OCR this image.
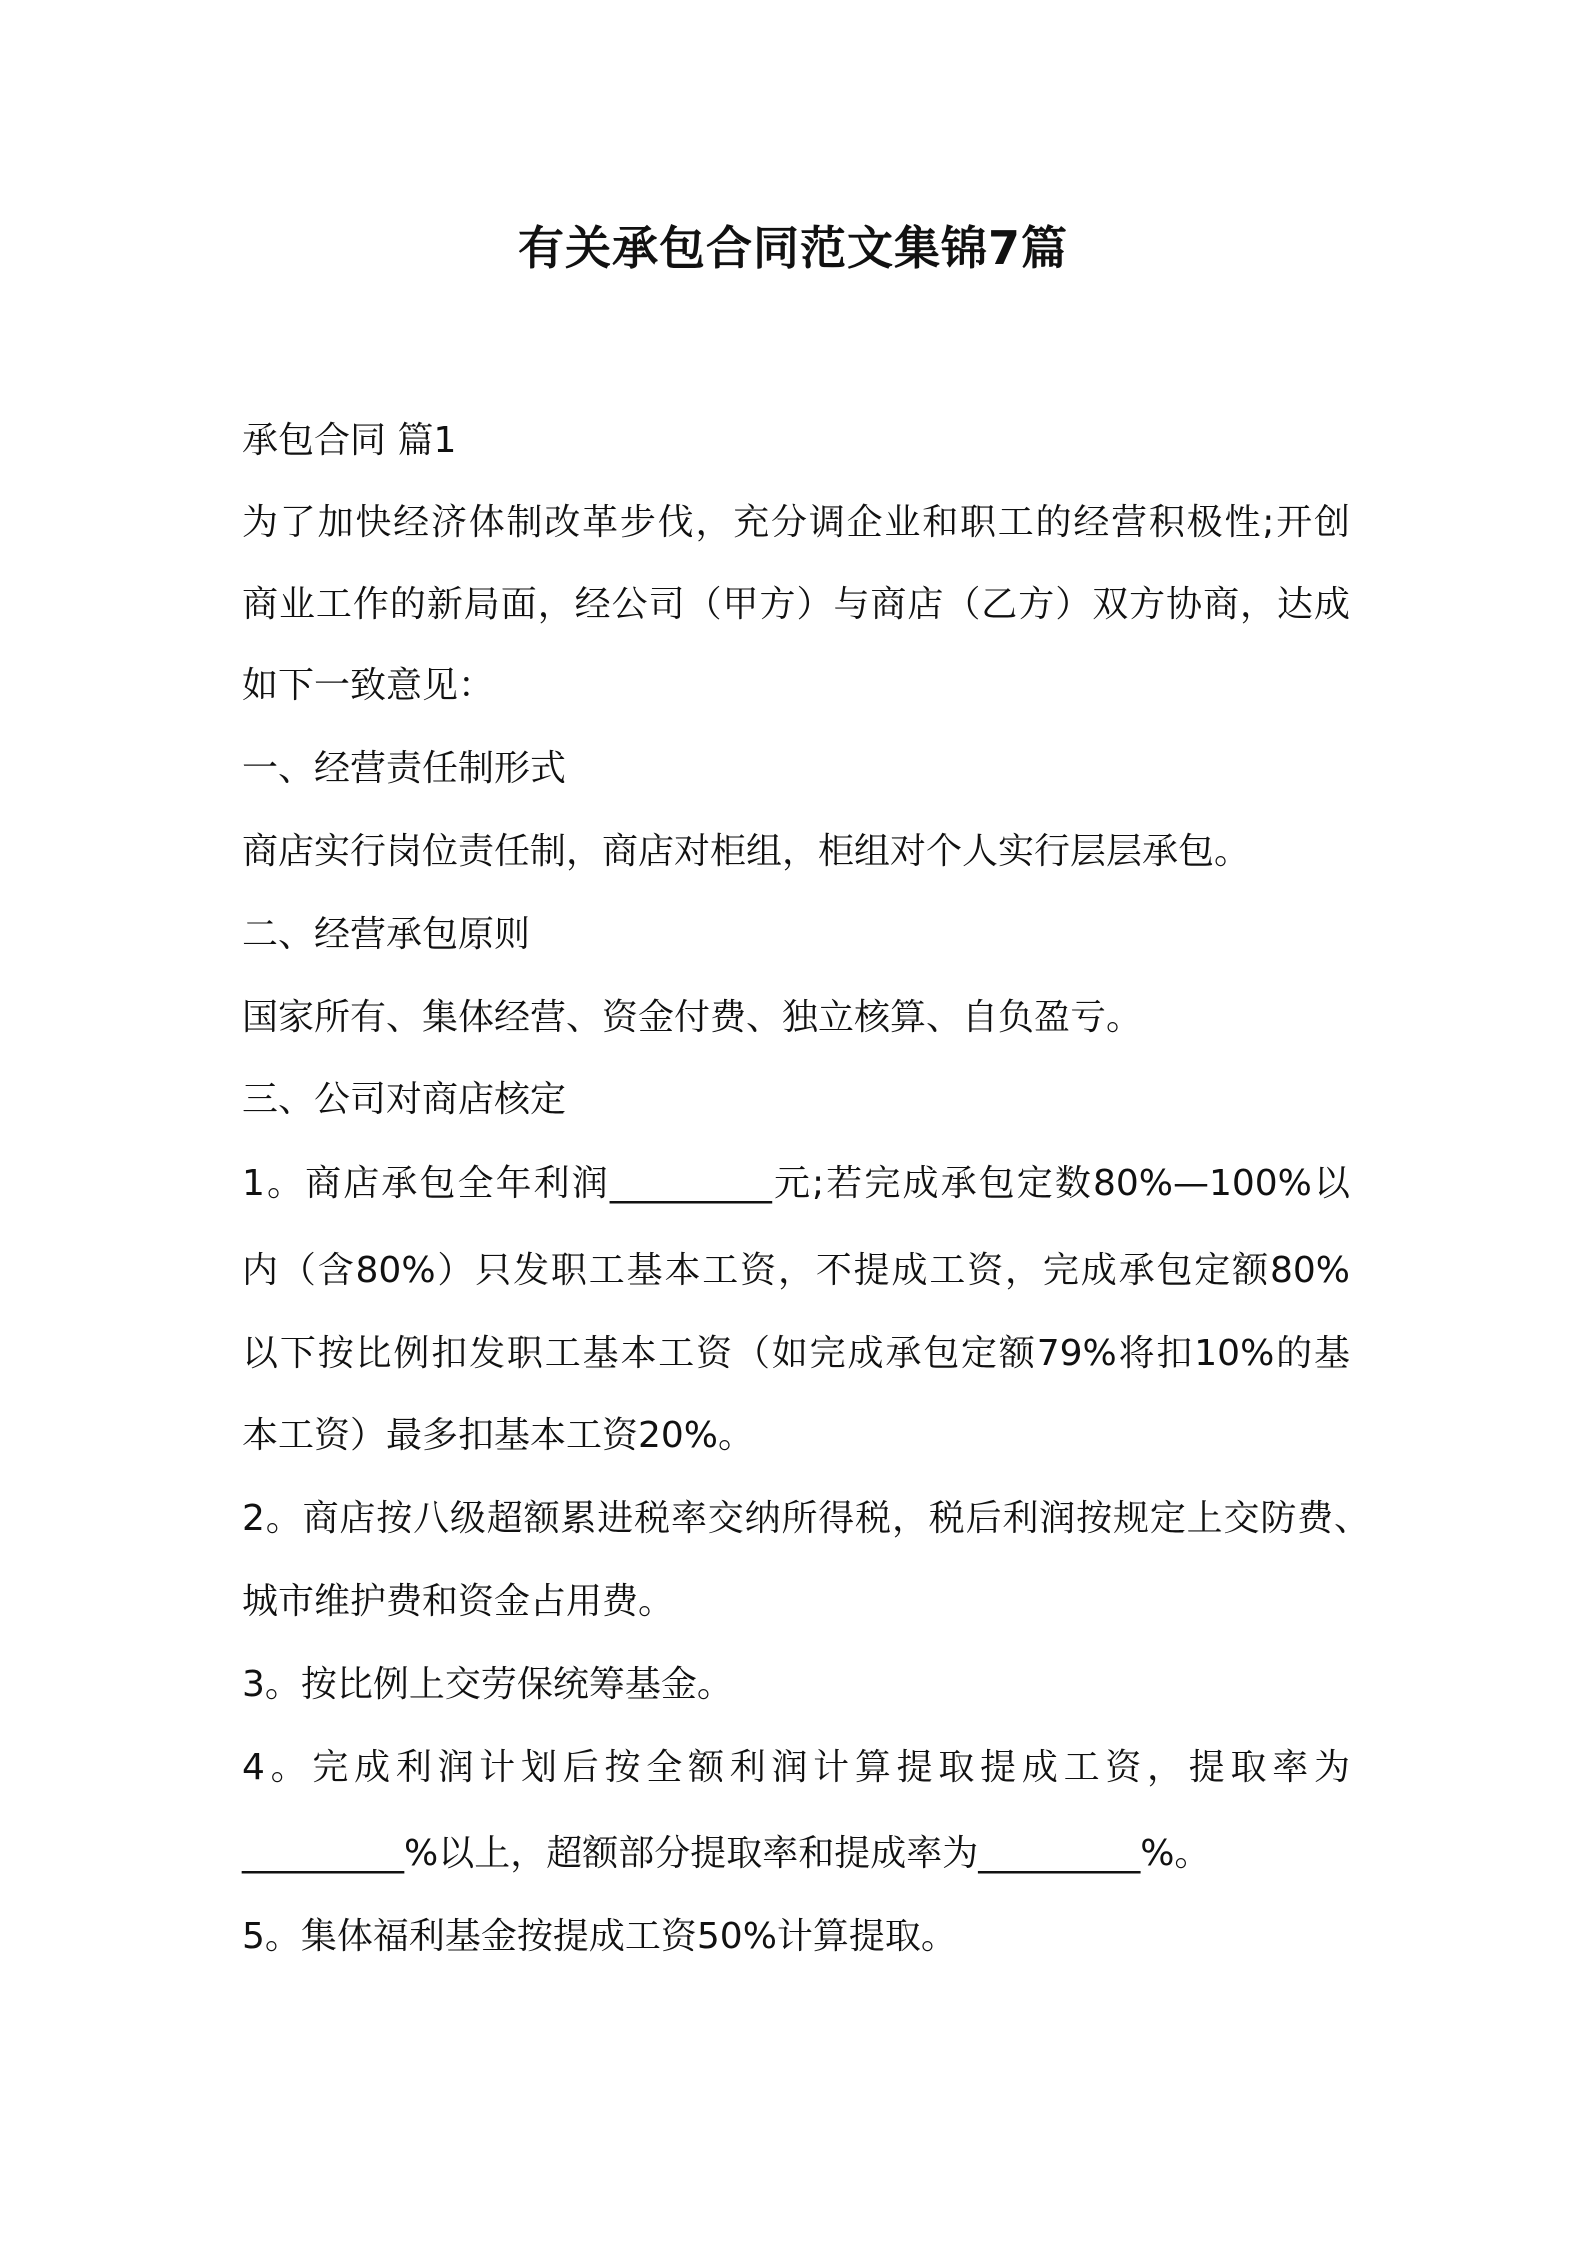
有关承包合同范文集锦7篇
承包合同 篇1
为了加快经济体制改革步伐，充分调企业和职工的经营积极性;开创
商业工作的新局面，经公司（甲方）与商店（乙方）双方协商，达成
如下一致意见：
一、经营责任制形式
商店实行岗位责任制，商店对柜组，柜组对个人实行层层承包。
二、经营承包原则
国家所有、集体经营、资金付费、独立核算、自负盈亏。
三、公司对商店核定
1。商店承包全年利润_________元;若完成承包定数80%—100%以
内（含80%）只发职工基本工资，不提成工资，完成承包定额80%
以下按比例扣发职工基本工资（如完成承包定额79%将扣10%的基
本工资）最多扣基本工资20%。
2。商店按八级超额累进税率交纳所得税，税后利润按规定上交防费、
城市维护费和资金占用费。
3。按比例上交劳保统筹基金。
4。完成利润计划后按全额利润计算提取提成工资，提取率为
_________%以上，超额部分提取率和提成率为_________%。
5。集体福利基金按提成工资50%计算提取。
